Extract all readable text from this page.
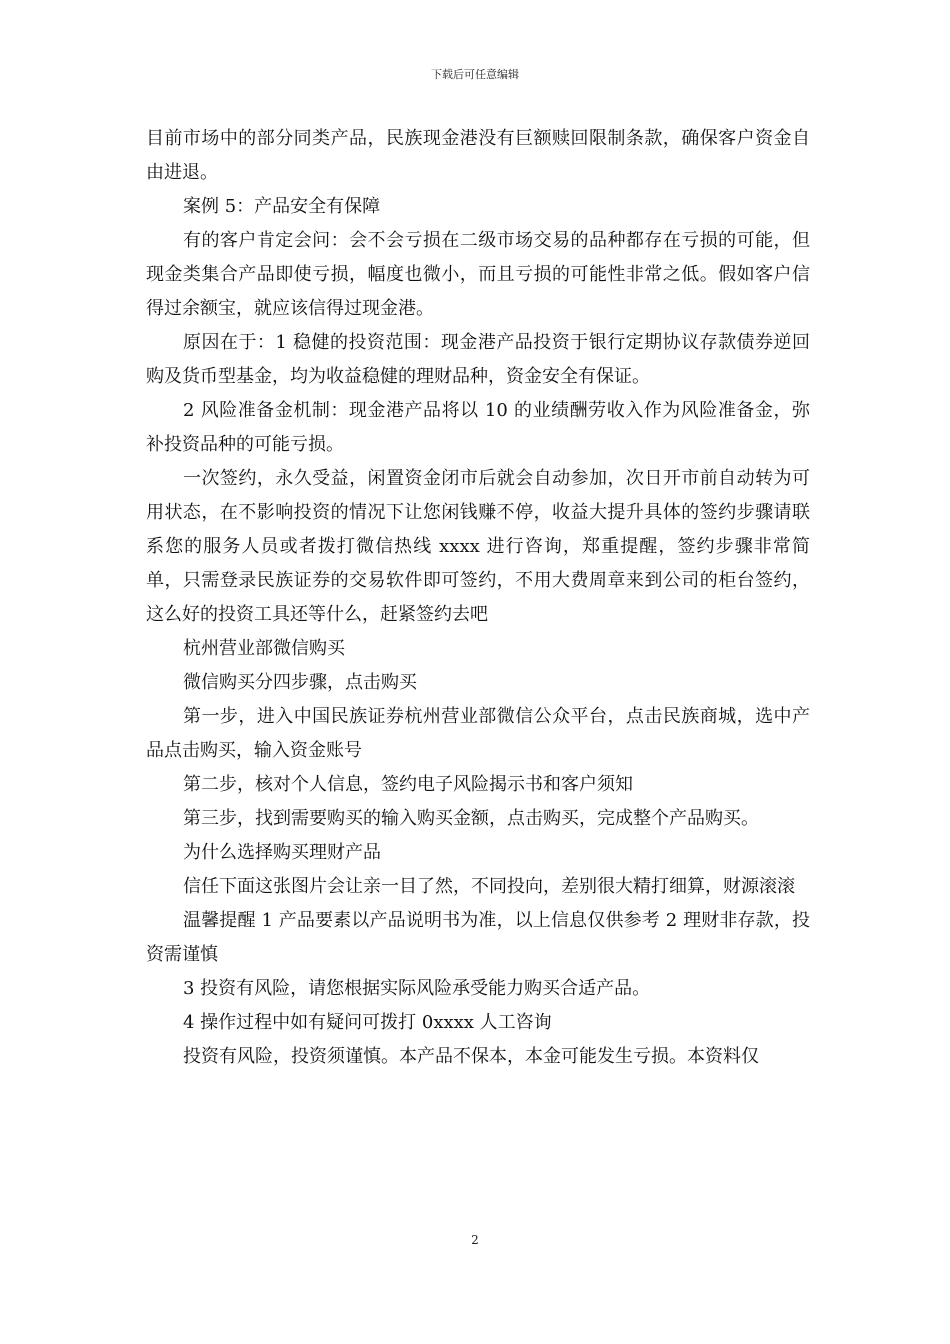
下载后可任意编辑

目前市场中的部分同类产品，民族现金港没有巨额赎回限制条款，确保客户资金自由进退。

案例 5：产品安全有保障

有的客户肯定会问：会不会亏损在二级市场交易的品种都存在亏损的可能，但现金类集合产品即使亏损，幅度也微小，而且亏损的可能性非常之低。假如客户信得过余额宝，就应该信得过现金港。

原因在于：1 稳健的投资范围：现金港产品投资于银行定期协议存款债券逆回购及货币型基金，均为收益稳健的理财品种，资金安全有保证。

2 风险准备金机制：现金港产品将以 10 的业绩酬劳收入作为风险准备金，弥补投资品种的可能亏损。

一次签约，永久受益，闲置资金闭市后就会自动参加，次日开市前自动转为可用状态，在不影响投资的情况下让您闲钱赚不停，收益大提升具体的签约步骤请联系您的服务人员或者拨打微信热线 xxxx 进行咨询，郑重提醒，签约步骤非常简单，只需登录民族证券的交易软件即可签约，不用大费周章来到公司的柜台签约，这么好的投资工具还等什么，赶紧签约去吧

杭州营业部微信购买

微信购买分四步骤，点击购买

第一步，进入中国民族证券杭州营业部微信公众平台，点击民族商城，选中产品点击购买，输入资金账号

第二步，核对个人信息，签约电子风险揭示书和客户须知

第三步，找到需要购买的输入购买金额，点击购买，完成整个产品购买。

为什么选择购买理财产品

信任下面这张图片会让亲一目了然，不同投向，差别很大精打细算，财源滚滚

温馨提醒 1 产品要素以产品说明书为准，以上信息仅供参考 2 理财非存款，投资需谨慎

3 投资有风险，请您根据实际风险承受能力购买合适产品。

4 操作过程中如有疑问可拨打 0xxxx 人工咨询

投资有风险，投资须谨慎。本产品不保本，本金可能发生亏损。本资料仅

2
